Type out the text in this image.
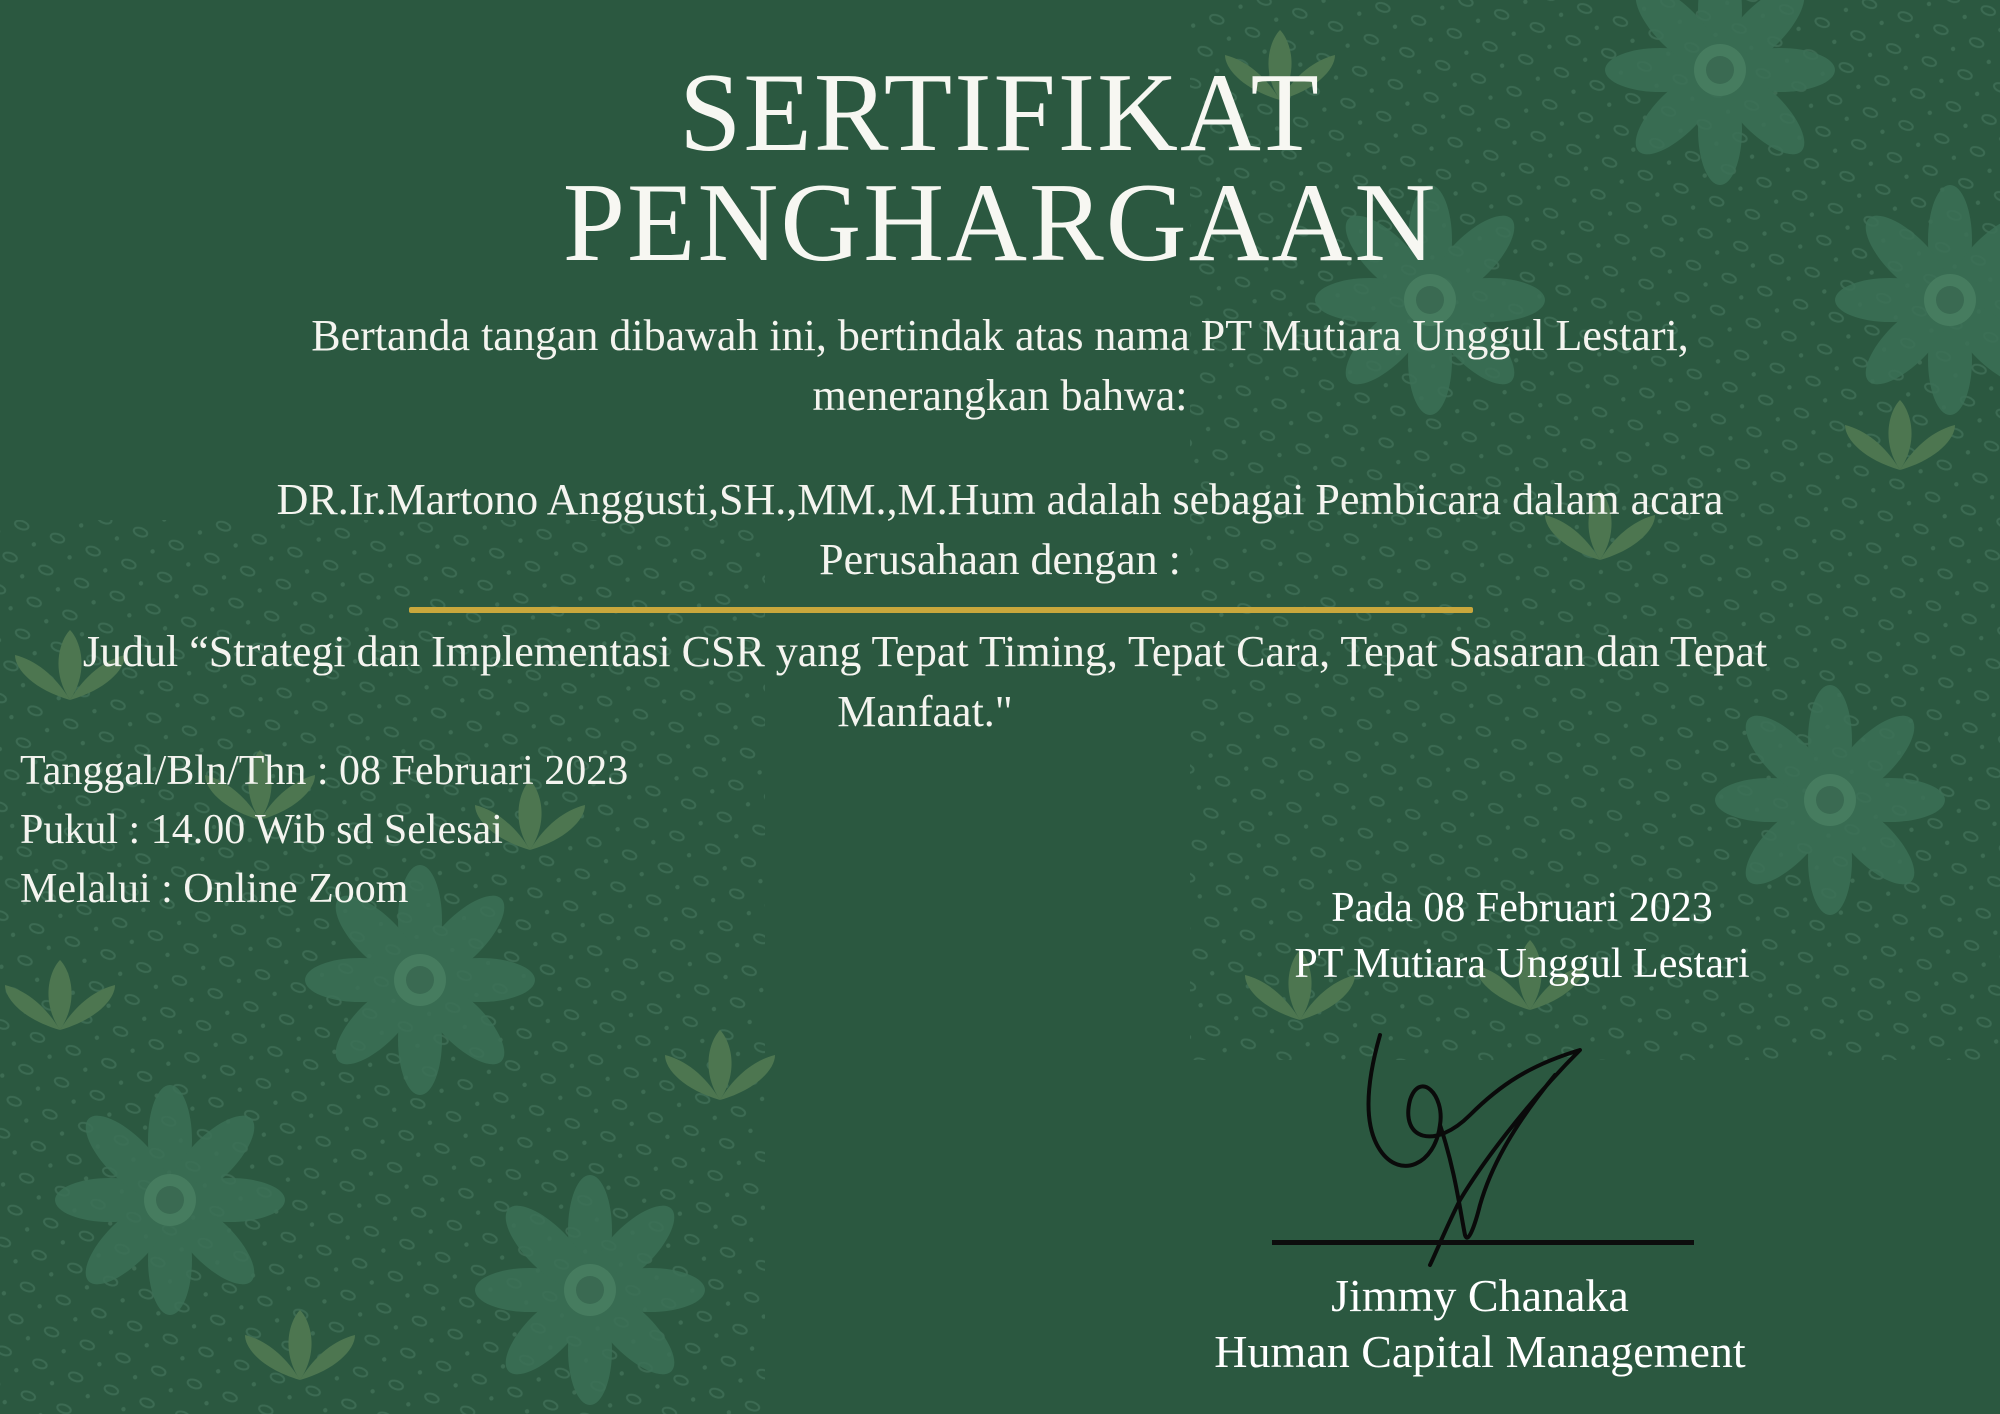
SERTIFIKAT
PENGHARGAAN
Bertanda tangan dibawah ini, bertindak atas nama PT Mutiara Unggul Lestari,
menerangkan bahwa:
DR.Ir.Martono Anggusti,SH.,MM.,M.Hum adalah sebagai Pembicara dalam acara
Perusahaan dengan :
Judul “Strategi dan Implementasi CSR yang Tepat Timing, Tepat Cara, Tepat Sasaran dan Tepat
Manfaat."
Tanggal/Bln/Thn : 08 Februari 2023
Pukul : 14.00 Wib sd Selesai
Melalui : Online Zoom	Pada 08 Februari 2023
PT Mutiara Unggul Lestari
Jimmy Chanaka
Human Capital Management
